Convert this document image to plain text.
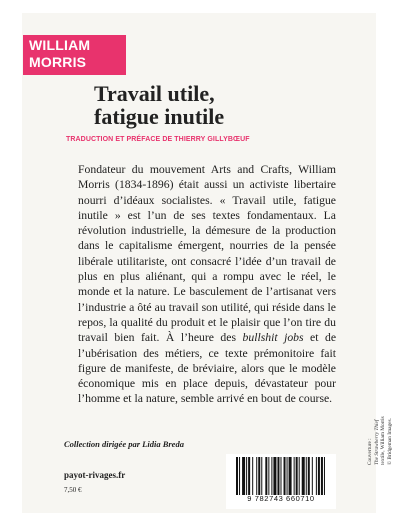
WILLIAM
MORRIS
Travail utile,
fatigue inutile
TRADUCTION ET PRÉFACE DE THIERRY GILLYBŒUF

Fondateur du mouvement Arts and Crafts, William Morris (1834-1896) était aussi un activiste libertaire nourri d’idéaux socialistes. « Travail utile, fatigue inutile » est l’un de ses textes fondamentaux. La révolution industrielle, la démesure de la production dans le capitalisme émergent, nourries de la pensée libérale utilitariste, ont consacré l’idée d’un travail de plus en plus aliénant, qui a rompu avec le réel, le monde et la nature. Le basculement de l’artisanat vers l’industrie a ôté au travail son utilité, qui réside dans le repos, la qualité du produit et le plaisir que l’on tire du travail bien fait. À l’heure des bullshit jobs et de l’ubérisation des métiers, ce texte prémonitoire fait figure de manifeste, de bréviaire, alors que le modèle économique mis en place depuis, dévastateur pour l’homme et la nature, semble arrivé en bout de course.

Collection dirigée par Lidia Breda
payot-rivages.fr
7,50 €
9 782743 660710
Couverture : The Strawberry Thief textile, William Morris © Bridgeman Images.
